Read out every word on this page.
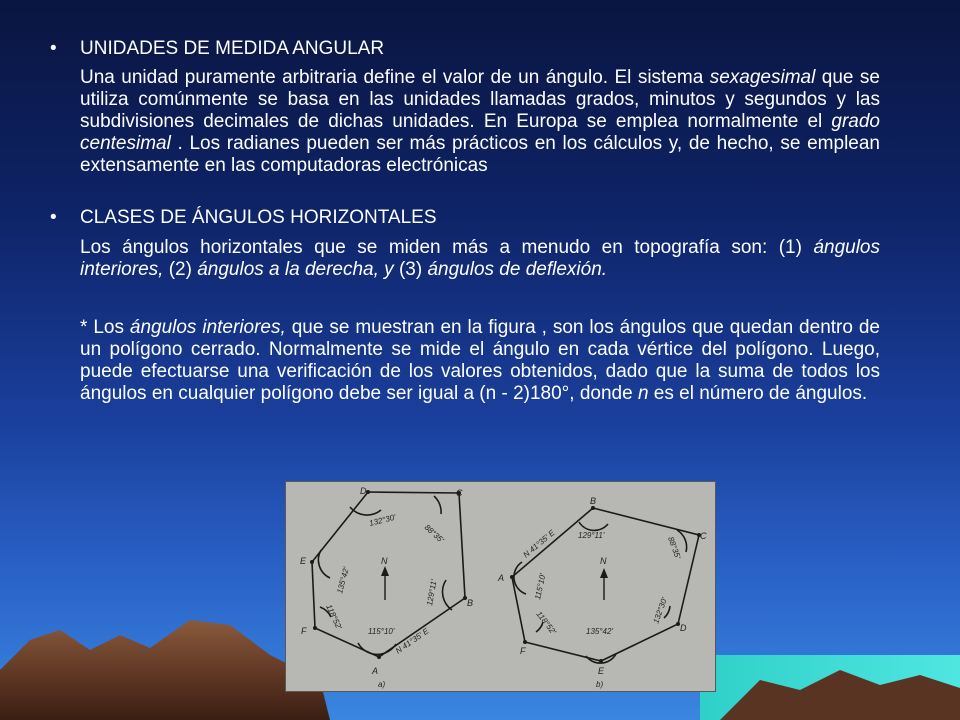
•	UNIDADES DE MEDIDA ANGULAR

Una unidad puramente arbitraria define el valor de un ángulo. El sistema sexagesimal que se utiliza comúnmente se basa en las unidades llamadas grados, minutos y segundos y las subdivisiones decimales de dichas unidades. En Europa se emplea normalmente el grado centesimal . Los radianes pueden ser más prácticos en los cálculos y, de hecho, se emplean extensamente en las computadoras electrónicas

•	CLASES DE ÁNGULOS HORIZONTALES

Los ángulos horizontales que se miden más a menudo en topografía son: (1) ángulos interiores, (2) ángulos a la derecha, y (3) ángulos de deflexión.

* Los ángulos interiores, que se muestran en la figura , son los ángulos que quedan dentro de un polígono cerrado. Normalmente se mide el ángulo en cada vértice del polígono. Luego, puede efectuarse una verificación de los valores obtenidos, dado que la suma de todos los ángulos en cualquier polígono debe ser igual a (n - 2)180°, donde n es el número de ángulos.

D	C
E
B
F
A
N
132°30'
88°35'
135°42'	129°11'
118°52'
115°10' N 41°35' E
a)
B
C
A
D
F
E
N
129°11'
88°35'
115°10'
118°52'	135°42'
132°30'
N 41°35' E
b)
